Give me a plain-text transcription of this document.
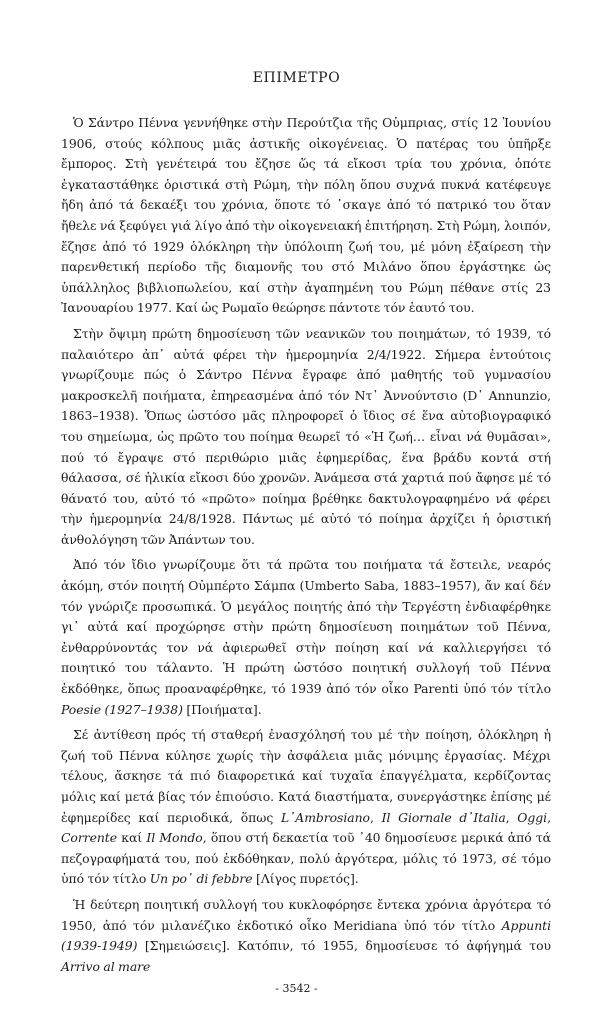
ΕΠΙΜΕΤΡΟ

Ὁ Σάντρο Πέννα γεννήθηκε στὴν Περούτζια τῆς Οὐμπριας, στίς 12 Ἰουνίου 1906, στούς κόλπους μιᾶς ἀστικῆς οἰκογένειας. Ὁ πατέρας του ὑπῆρξε ἔμπορος. Στὴ γενέτειρά του ἔζησε ὥς τά εἴκοσι τρία του χρόνια, ὁπότε ἐγκαταστάθηκε ὁριστικά στὴ Ρώμη, τὴν πόλη ὅπου συχνά πυκνά κατέφευγε ἤδη ἀπό τά δεκαέξι του χρόνια, ὅποτε τό ᾽σκαγε ἀπό τό πατρικό του ὅταν ἤθελε νά ξεφύγει γιά λίγο ἀπό τὴν οἰκογενειακή ἐπιτήρηση. Στὴ Ρώμη, λοιπόν, ἔζησε ἀπό τό 1929 ὁλόκληρη τὴν ὑπόλοιπη ζωή του, μέ μόνη ἐξαίρεση τὴν παρενθετική περίοδο τῆς διαμονῆς του στό Μιλάνο ὅπου ἐργάστηκε ὡς ὑπάλληλος βιβλιοπωλείου, καί στὴν ἀγαπημένη του Ρώμη πέθανε στίς 23 Ἰανουαρίου 1977. Καί ὡς Ρωμαῖο θεώρησε πάντοτε τόν ἑαυτό του.

Στὴν ὄψιμη πρώτη δημοσίευση τῶν νεανικῶν του ποιημάτων, τό 1939, τό παλαιότερο ἀπ᾽ αὐτά φέρει τὴν ἡμερομηνία 2/4/1922. Σήμερα ἐντούτοις γνωρίζουμε πώς ὁ Σάντρο Πέννα ἔγραφε ἀπό μαθητής τοῦ γυμνασίου μακροσκελῆ ποιήματα, ἐπηρεασμένα ἀπό τόν Ντ᾽ Ἀννούντσιο (D᾽ Annunzio, 1863–1938). Ὅπως ὡστόσο μᾶς πληροφορεῖ ὁ ἴδιος σέ ἕνα αὐτοβιογραφικό του σημείωμα, ὡς πρῶτο του ποίημα θεωρεῖ τό «Ἡ ζωή… εἶναι νά θυμᾶσαι», πού τό ἔγραψε στό περιθώριο μιᾶς ἐφημερίδας, ἕνα βράδυ κοντά στή θάλασσα, σέ ἡλικία εἴκοσι δύο χρονῶν. Ἀνάμεσα στά χαρτιά πού ἄφησε μέ τό θάνατό του, αὐτό τό «πρῶτο» ποίημα βρέθηκε δακτυλογραφημένο νά φέρει τὴν ἡμερομηνία 24/8/1928. Πάντως μέ αὐτό τό ποίημα ἀρχίζει ἡ ὁριστική ἀνθολόγηση τῶν Ἀπάντων του.

Ἀπό τόν ἴδιο γνωρίζουμε ὅτι τά πρῶτα του ποιήματα τά ἔστειλε, νεαρός ἀκόμη, στόν ποιητή Οὐμπέρτο Σάμπα (Umberto Saba, 1883–1957), ἄν καί δέν τόν γνώριζε προσωπικά. Ὁ μεγάλος ποιητής ἀπό τὴν Τεργέστη ἐνδιαφέρθηκε γι᾽ αὐτά καί προχώρησε στὴν πρώτη δημοσίευση ποιημάτων τοῦ Πέννα, ἐνθαρρύνοντάς τον νά ἀφιερωθεῖ στὴν ποίηση καί νά καλλιεργήσει τό ποιητικό του τάλαντο. Ἡ πρώτη ὡστόσο ποιητική συλλογή τοῦ Πέννα ἐκδόθηκε, ὅπως προαναφέρθηκε, τό 1939 ἀπό τόν οἶκο Parenti ὑπό τόν τίτλο Poesie (1927–1938) [Ποιήματα].

Σέ ἀντίθεση πρός τή σταθερή ἐνασχόλησή του μέ τὴν ποίηση, ὁλόκληρη ἡ ζωή τοῦ Πέννα κύλησε χωρίς τὴν ἀσφάλεια μιᾶς μόνιμης ἐργασίας. Μέχρι τέλους, ἄσκησε τά πιό διαφορετικά καί τυχαῖα ἐπαγγέλματα, κερδίζοντας μόλις καί μετά βίας τόν ἐπιούσιο. Κατά διαστήματα, συνεργάστηκε ἐπίσης μέ ἐφημερίδες καί περιοδικά, ὅπως L᾽Ambrosiano, Il Giornale d᾽Italia, Oggi, Corrente καί Il Mondo, ὅπου στή δεκαετία τοῦ ᾽40 δημοσίευσε μερικά ἀπό τά πεζογραφήματά του, πού ἐκδόθηκαν, πολύ ἀργότερα, μόλις τό 1973, σέ τόμο ὑπό τόν τίτλο Un po᾽ di febbre [Λίγος πυρετός].

Ἡ δεύτερη ποιητική συλλογή του κυκλοφόρησε ἔντεκα χρόνια ἀργότερα τό 1950, ἀπό τόν μιλανέζικο ἐκδοτικό οἶκο Meridiana ὑπό τόν τίτλο Appunti (1939-1949) [Σημειώσεις]. Κατόπιν, τό 1955, δημοσίευσε τό ἀφήγημά του Arrivo al mare

- 3542 -
